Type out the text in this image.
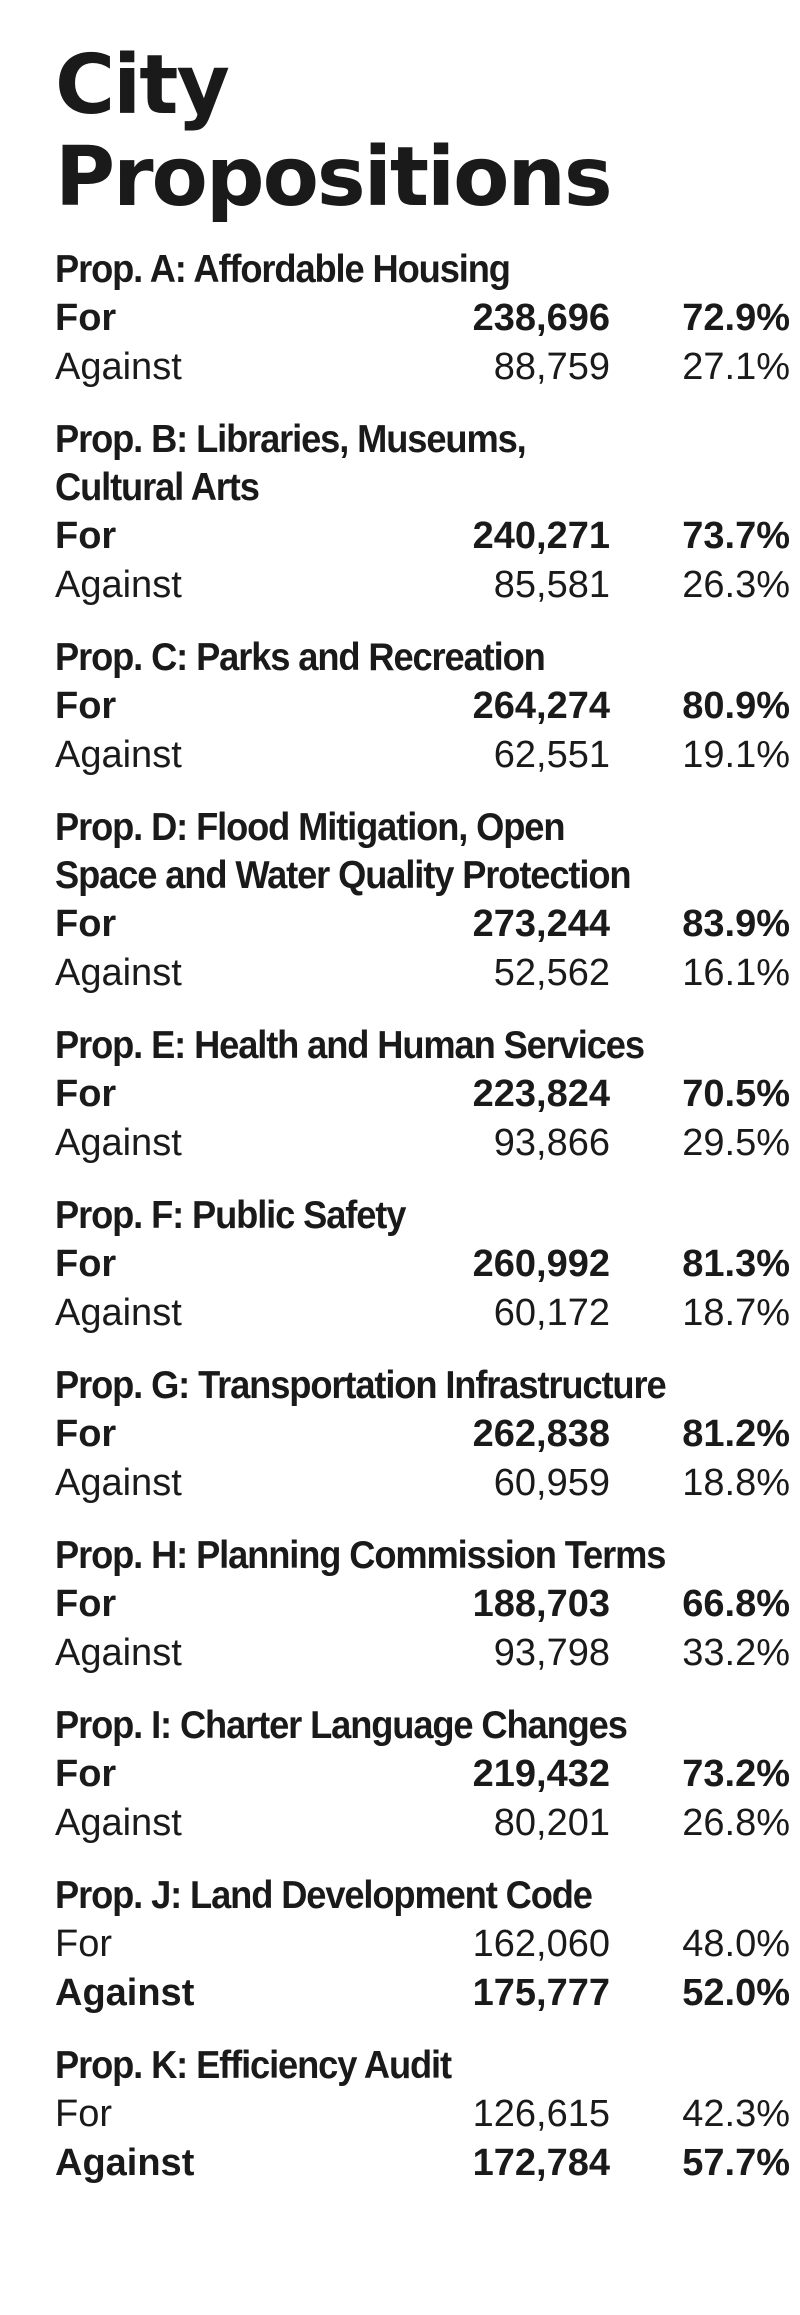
City
Propositions
Prop. A: Affordable Housing
For	238,696	72.9%
Against	88,759	27.1%
Prop. B: Libraries, Museums,
Cultural Arts
For	240,271	73.7%
Against	85,581	26.3%
Prop. C: Parks and Recreation
For	264,274	80.9%
Against	62,551	19.1%
Prop. D: Flood Mitigation, Open
Space and Water Quality Protection
For	273,244	83.9%
Against	52,562	16.1%
Prop. E: Health and Human Services
For	223,824	70.5%
Against	93,866	29.5%
Prop. F: Public Safety
For	260,992	81.3%
Against	60,172	18.7%
Prop. G: Transportation Infrastructure
For	262,838	81.2%
Against	60,959	18.8%
Prop. H: Planning Commission Terms
For	188,703	66.8%
Against	93,798	33.2%
Prop. I: Charter Language Changes
For	219,432	73.2%
Against	80,201	26.8%
Prop. J: Land Development Code
For	162,060	48.0%
Against	175,777	52.0%
Prop. K: Efficiency Audit
For	126,615	42.3%
Against	172,784	57.7%
